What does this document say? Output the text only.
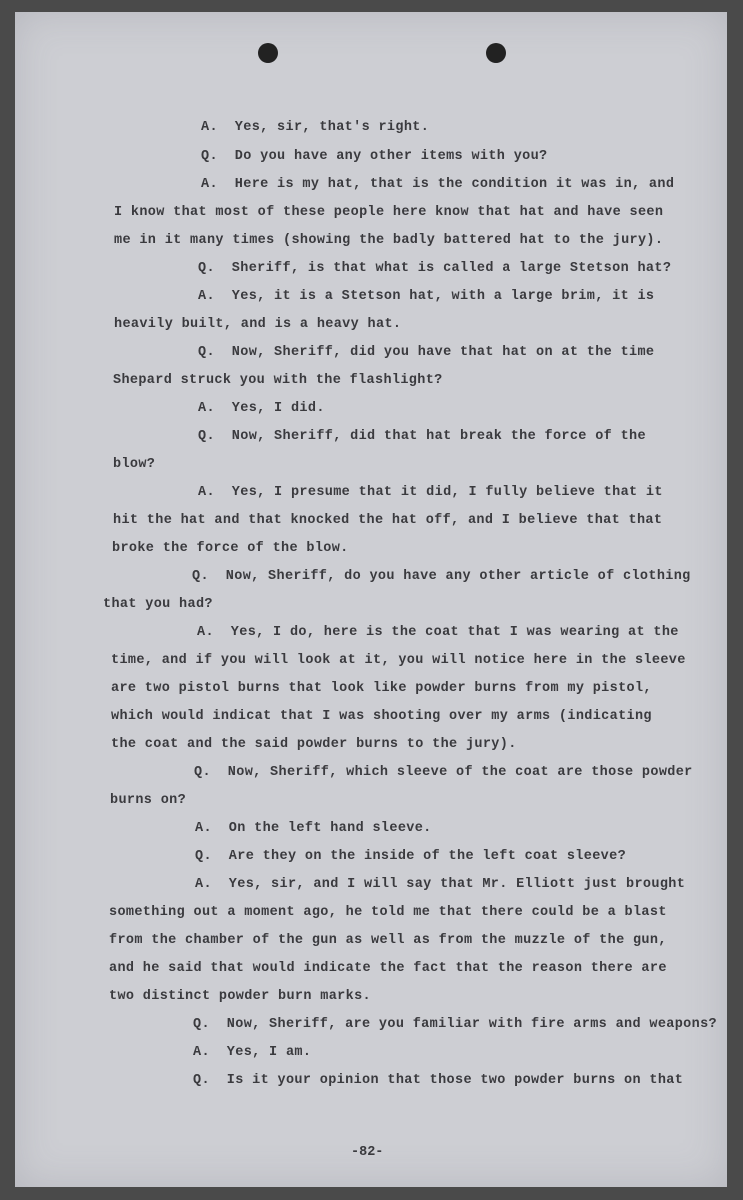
A.  Yes, sir, that's right.
Q.  Do you have any other items with you?
A.  Here is my hat, that is the condition it was in, and
I know that most of these people here know that hat and have seen
me in it many times (showing the badly battered hat to the jury).
Q.  Sheriff, is that what is called a large Stetson hat?
A.  Yes, it is a Stetson hat, with a large brim, it is
heavily built, and is a heavy hat.
Q.  Now, Sheriff, did you have that hat on at the time
Shepard struck you with the flashlight?
A.  Yes, I did.
Q.  Now, Sheriff, did that hat break the force of the
blow?
A.  Yes, I presume that it did, I fully believe that it
hit the hat and that knocked the hat off, and I believe that that
broke the force of the blow.
Q.  Now, Sheriff, do you have any other article of clothing
that you had?
A.  Yes, I do, here is the coat that I was wearing at the
time, and if you will look at it, you will notice here in the sleeve
are two pistol burns that look like powder burns from my pistol,
which would indicat that I was shooting over my arms (indicating
the coat and the said powder burns to the jury).
Q.  Now, Sheriff, which sleeve of the coat are those powder
burns on?
A.  On the left hand sleeve.
Q.  Are they on the inside of the left coat sleeve?
A.  Yes, sir, and I will say that Mr. Elliott just brought
something out a moment ago, he told me that there could be a blast
from the chamber of the gun as well as from the muzzle of the gun,
and he said that would indicate the fact that the reason there are
two distinct powder burn marks.
Q.  Now, Sheriff, are you familiar with fire arms and weapons?
A.  Yes, I am.
Q.  Is it your opinion that those two powder burns on that
-82-
